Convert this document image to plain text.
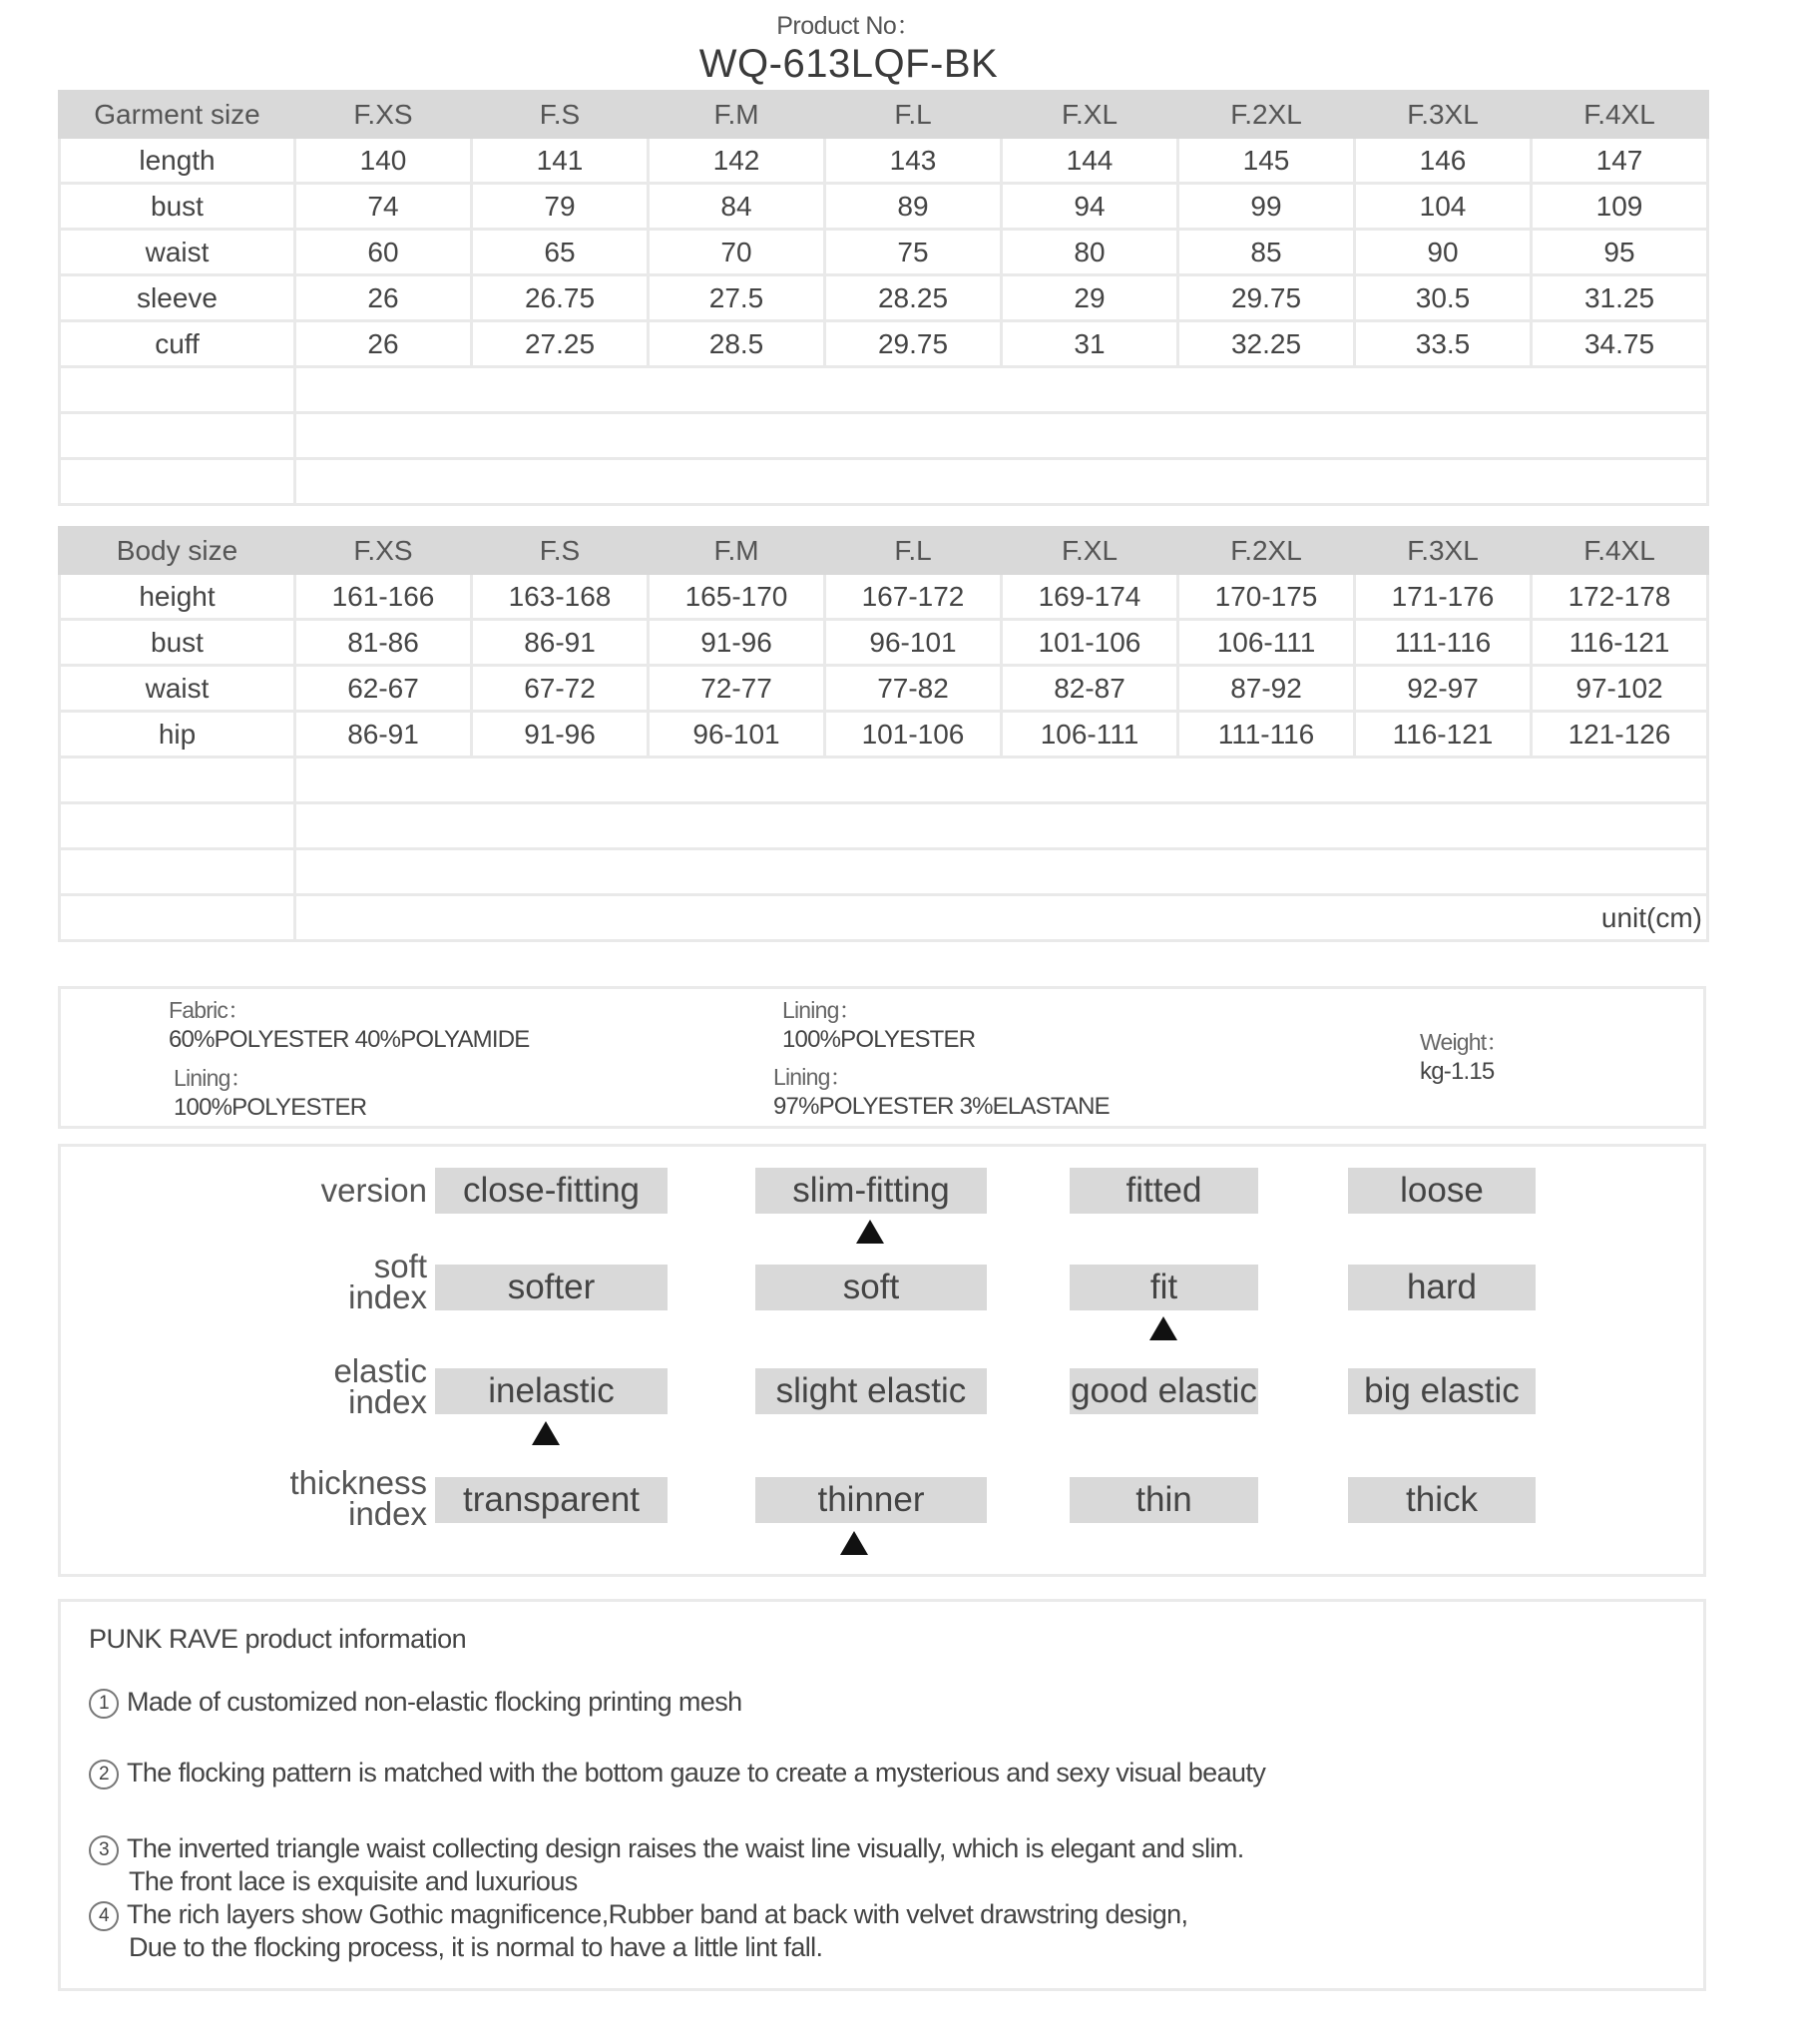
Product No：
WQ-613LQF-BK
Garment size	F.XS	F.S	F.M	F.L	F.XL	F.2XL	F.3XL	F.4XL
length	140	141	142	143	144	145	146	147
bust	74	79	84	89	94	99	104	109
waist	60	65	70	75	80	85	90	95
sleeve	26	26.75	27.5	28.25	29	29.75	30.5	31.25
cuff	26	27.25	28.5	29.75	31	32.25	33.5	34.75

Body size	F.XS	F.S	F.M	F.L	F.XL	F.2XL	F.3XL	F.4XL
height	161-166	163-168	165-170	167-172	169-174	170-175	171-176	172-178
bust	81-86	86-91	91-96	96-101	101-106	106-111	111-116	116-121
waist	62-67	67-72	72-77	77-82	82-87	87-92	92-97	97-102
hip	86-91	91-96	96-101	101-106	106-111	111-116	116-121	121-126

	unit(cm)							
Fabric：
60%POLYESTER 40%POLYAMIDE
Lining：
100%POLYESTER
Lining：
100%POLYESTER
Lining：
97%POLYESTER 3%ELASTANE
Weight：
kg-1.15
version	close-fitting	slim-fitting	fitted	loose
soft
index	softer	soft	fit	hard
elastic
index	inelastic	slight elastic	good elastic	big elastic
thickness
index	transparent	thinner	thin	thick
PUNK RAVE product information
1 Made of customized non-elastic flocking printing mesh
2 The flocking pattern is matched with the bottom gauze to create a mysterious and sexy visual beauty
3 The inverted triangle waist collecting design raises the waist line visually, which is elegant and slim.
The front lace is exquisite and luxurious
4 The rich layers show Gothic magnificence,Rubber band at back with velvet drawstring design,
Due to the flocking process, it is normal to have a little lint fall.
